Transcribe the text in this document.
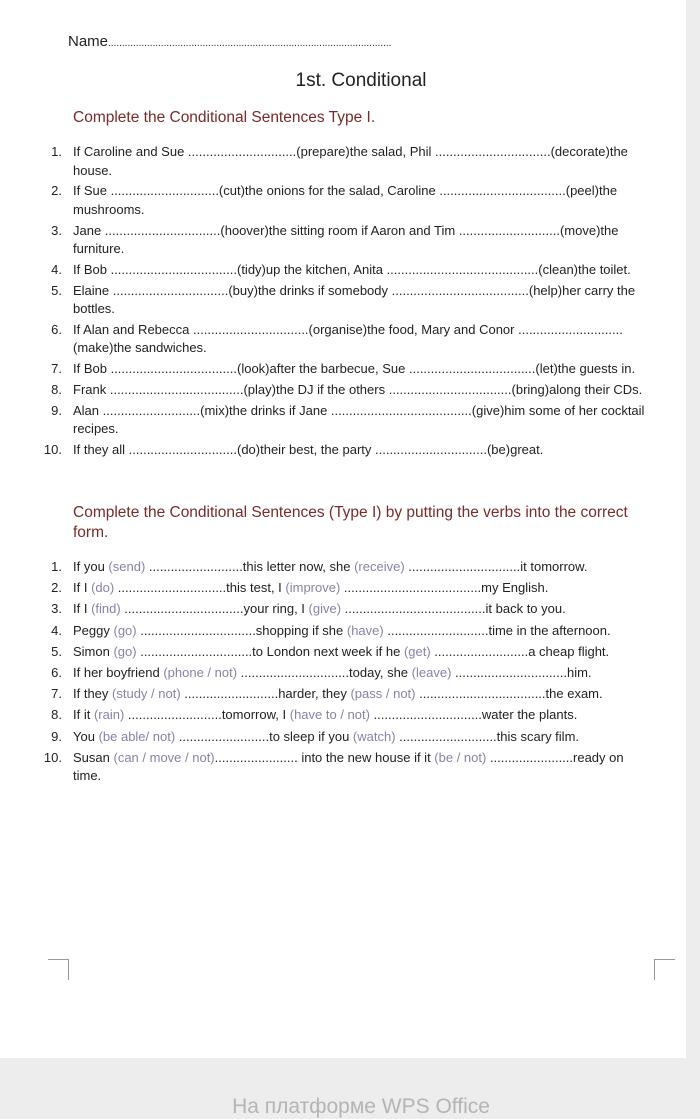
Name......................................................................................................
1st. Conditional
Complete the Conditional Sentences Type I.
1. If Caroline and Sue ..............................(prepare)the salad, Phil ................................(decorate)the house.
2. If Sue ..............................(cut)the onions for the salad, Caroline ...................................(peel)the mushrooms.
3. Jane ................................(hoover)the sitting room if Aaron and Tim ............................(move)the furniture.
4. If Bob ...................................(tidy)up the kitchen, Anita ..........................................(clean)the toilet.
5. Elaine ................................(buy)the drinks if somebody ......................................(help)her carry the bottles.
6. If Alan and Rebecca ................................(organise)the food, Mary and Conor .............................(make)the sandwiches.
7. If Bob ...................................(look)after the barbecue, Sue ...................................(let)the guests in.
8. Frank .....................................(play)the DJ if the others ..................................(bring)along their CDs.
9. Alan ...........................(mix)the drinks if Jane .......................................(give)him some of her cocktail recipes.
10. If they all ..............................(do)their best, the party ...............................(be)great.
Complete the Conditional Sentences (Type I) by putting the verbs into the correct form.
1. If you (send) ..........................this letter now, she (receive) ...............................it tomorrow.
2. If I (do) ..............................this test, I (improve) ......................................my English.
3. If I (find) .................................your ring, I (give) .......................................it back to you.
4. Peggy (go) ................................shopping if she (have) ............................time in the afternoon.
5. Simon (go) ...............................to London next week if he (get) ..........................a cheap flight.
6. If her boyfriend (phone / not) ..............................today, she (leave) ...............................him.
7. If they (study / not) ..........................harder, they (pass / not) ...................................the exam.
8. If it (rain) ..........................tomorrow, I (have to / not) ..............................water the plants.
9. You (be able/ not) .........................to sleep if you (watch) ...........................this scary film.
10. Susan (can / move / not)....................... into the new house if it (be / not) .......................ready on time.
На платформе WPS Office
